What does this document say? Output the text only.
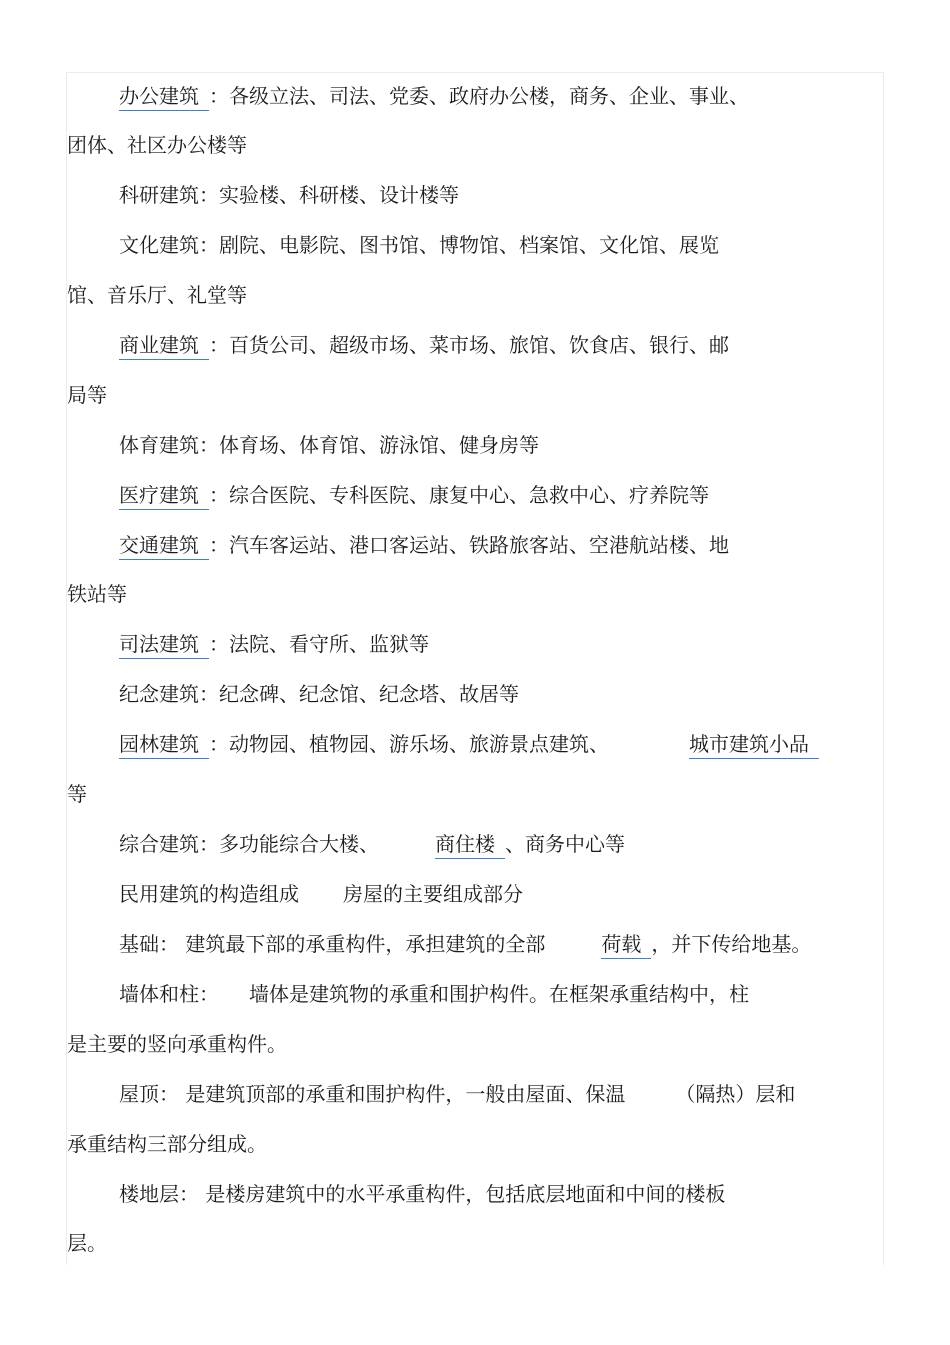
办公建筑 ：各级立法、司法、党委、政府办公楼，商务、企业、事业、
团体、社区办公楼等
科研建筑：实验楼、科研楼、设计楼等
文化建筑：剧院、电影院、图书馆、博物馆、档案馆、文化馆、展览
馆、音乐厅、礼堂等
商业建筑 ：百货公司、超级市场、菜市场、旅馆、饮食店、银行、邮
局等
体育建筑：体育场、体育馆、游泳馆、健身房等
医疗建筑 ：综合医院、专科医院、康复中心、急救中心、疗养院等
交通建筑 ：汽车客运站、港口客运站、铁路旅客站、空港航站楼、地
铁站等
司法建筑 ：法院、看守所、监狱等
纪念建筑：纪念碑、纪念馆、纪念塔、故居等
园林建筑 ：动物园、植物园、游乐场、旅游景点建筑、	城市建筑小品
等
综合建筑：多功能综合大楼、	商住楼 、商务中心等
民用建筑的构造组成 房屋的主要组成部分
基础： 建筑最下部的承重构件，承担建筑的全部	荷载 ，并下传给地基。
墙体和柱： 墙体是建筑物的承重和围护构件。在框架承重结构中，柱
是主要的竖向承重构件。
屋顶： 是建筑顶部的承重和围护构件，一般由屋面、保温	（隔热）层和
承重结构三部分组成。
楼地层： 是楼房建筑中的水平承重构件，包括底层地面和中间的楼板
层。
